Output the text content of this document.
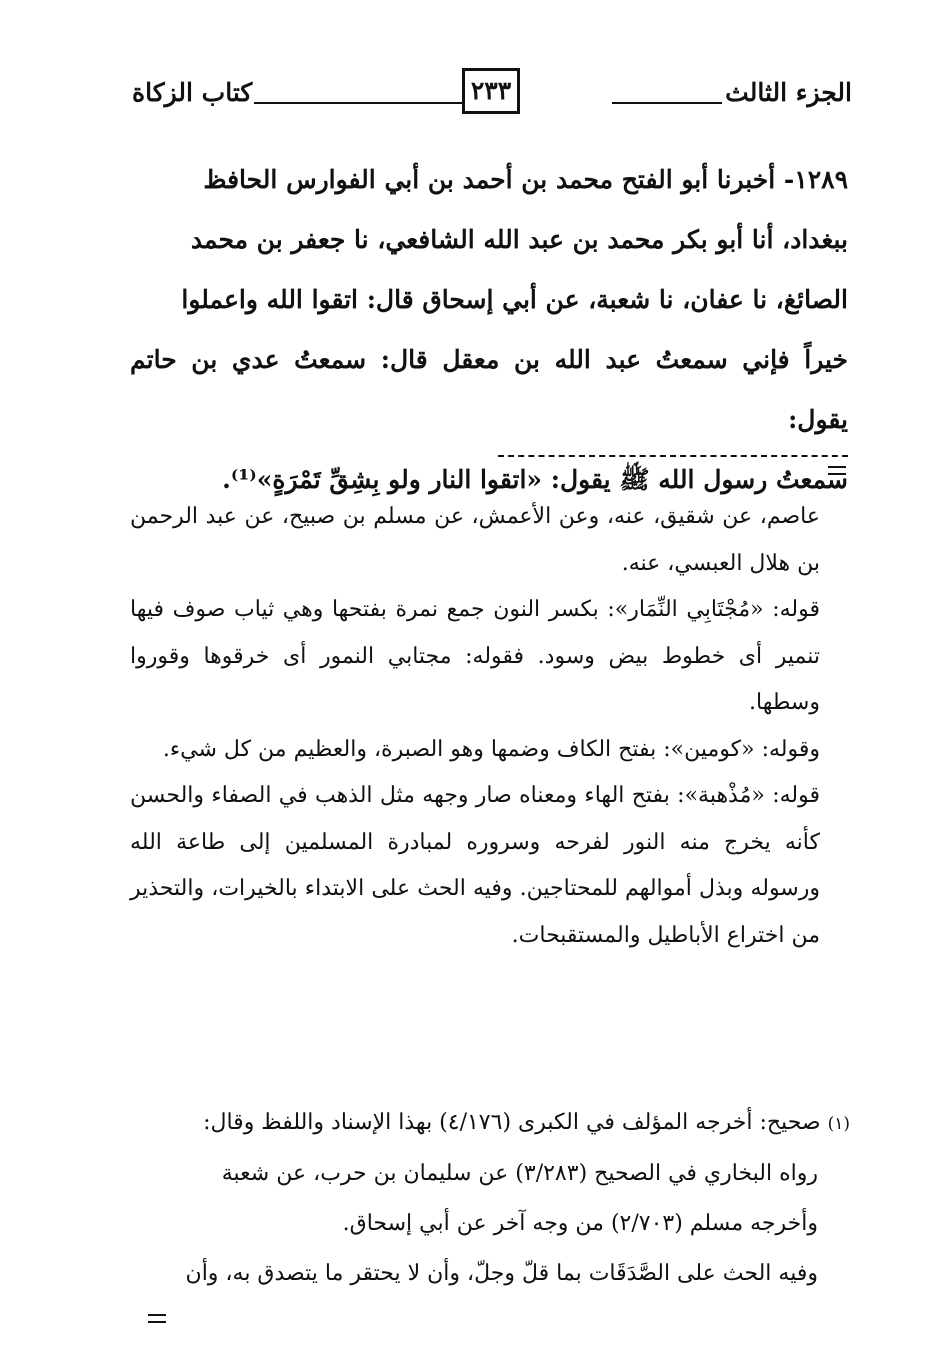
الجزء الثالث
٢٣٣
كتاب الزكاة
١٢٨٩- أخبرنا أبو الفتح محمد بن أحمد بن أبي الفوارس الحافظ
ببغداد، أنا أبو بكر محمد بن عبد الله الشافعي، نا جعفر بن محمد
الصائغ، نا عفان، نا شعبة، عن أبي إسحاق قال: اتقوا الله واعملوا
خيراً فإني سمعتُ عبد الله بن معقل قال: سمعتُ عدي بن حاتم يقول:
سمعتُ رسول الله ﷺ يقول: «اتقوا النار ولو بِشِقِّ تَمْرَةٍ»⁽¹⁾.

عاصم، عن شقيق، عنه، وعن الأعمش، عن مسلم بن صبيح، عن عبد الرحمن بن هلال العبسي، عنه.

قوله: «مُجْتَابِي النِّمَار»: بكسر النون جمع نمرة بفتحها وهي ثياب صوف فيها تنمير أى خطوط بيض وسود. فقوله: مجتابي النمور أى خرقوها وقوروا وسطها.

وقوله: «كومين»: بفتح الكاف وضمها وهو الصبرة، والعظيم من كل شيء.

قوله: «مُذْهبة»: بفتح الهاء ومعناه صار وجهه مثل الذهب في الصفاء والحسن كأنه يخرج منه النور لفرحه وسروره لمبادرة المسلمين إلى طاعة الله ورسوله وبذل أموالهم للمحتاجين. وفيه الحث على الابتداء بالخيرات، والتحذير من اختراع الأباطيل والمستقبحات.

(١) صحيح: أخرجه المؤلف في الكبرى (٤/١٧٦) بهذا الإسناد واللفظ وقال:

رواه البخاري في الصحيح (٣/٢٨٣) عن سليمان بن حرب، عن شعبة

وأخرجه مسلم (٢/٧٠٣) من وجه آخر عن أبي إسحاق.

وفيه الحث على الصَّدَقَات بما قلّ وجلّ، وأن لا يحتقر ما يتصدق به، وأن
